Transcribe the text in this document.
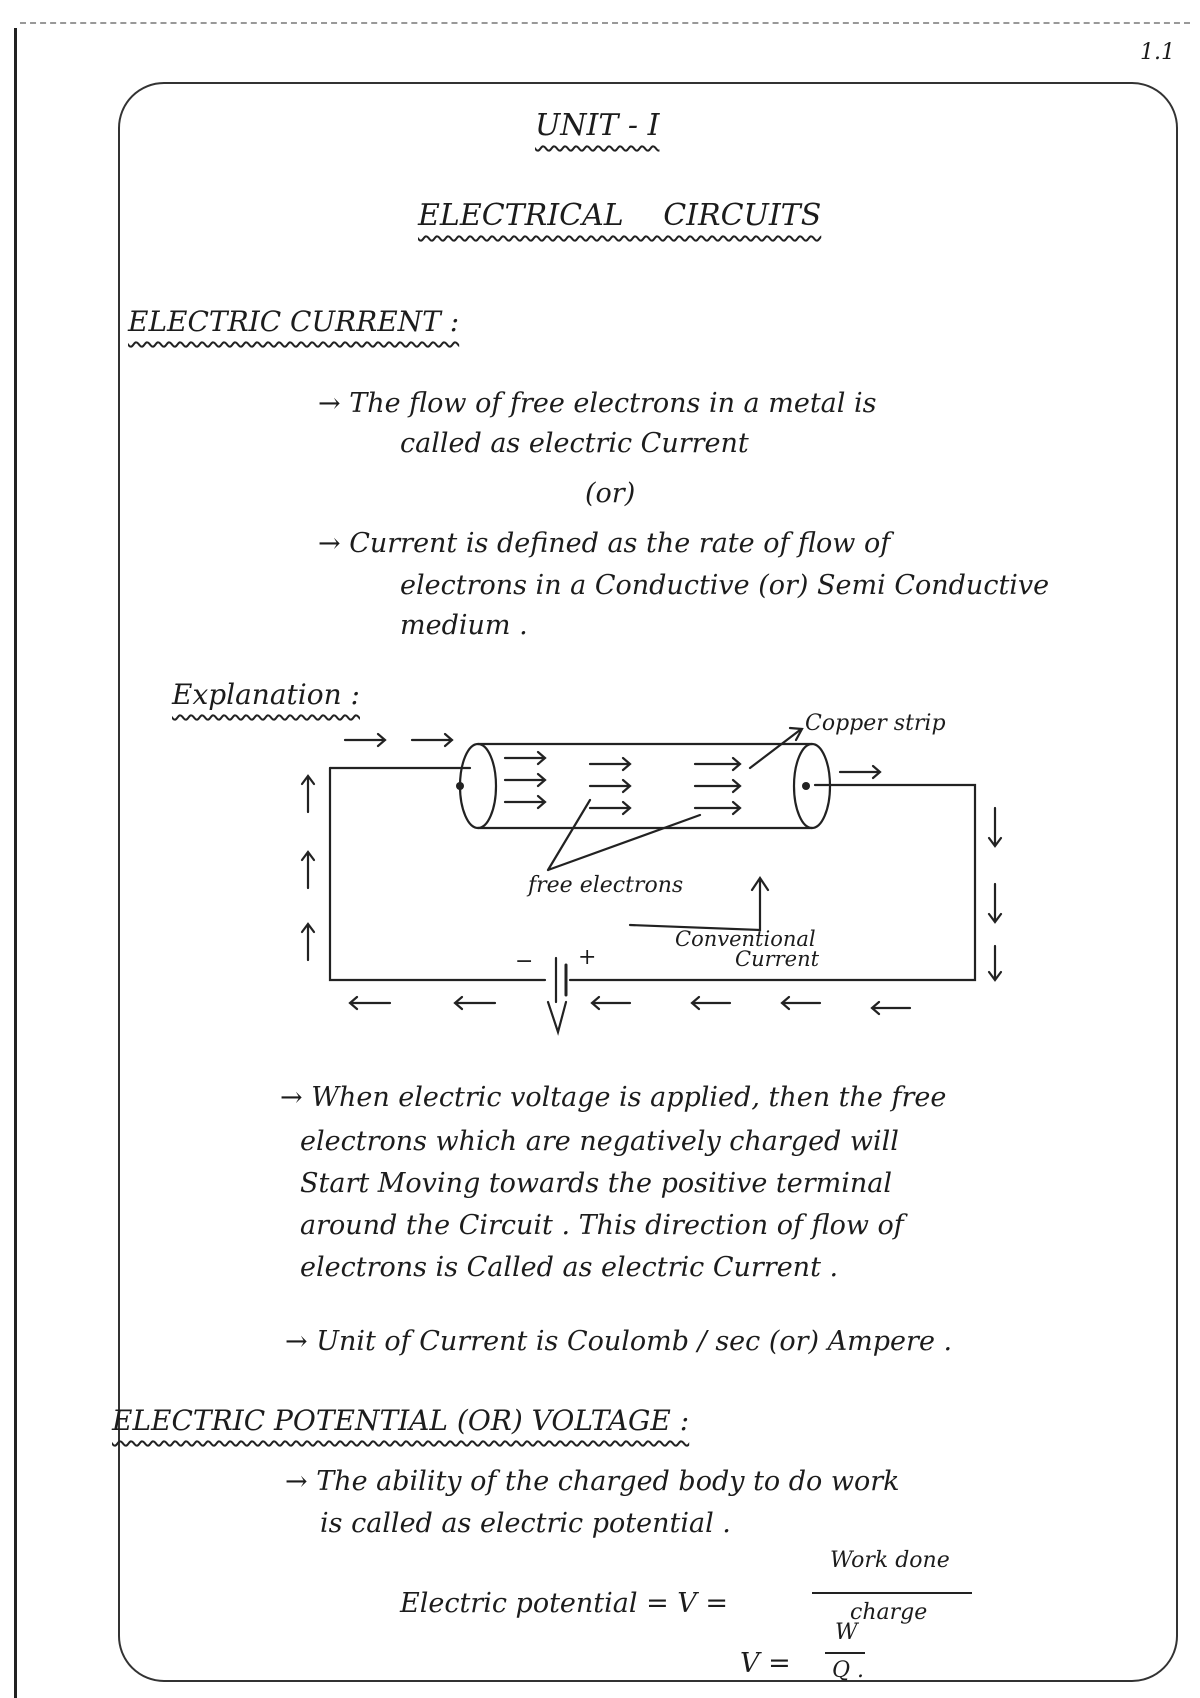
1.1
UNIT - I
ELECTRICAL CIRCUITS
ELECTRIC CURRENT :
→ The flow of free electrons in a metal is
called as electric Current
(or)
→ Current is defined as the rate of flow of
electrons in a Conductive (or) Semi Conductive
medium .
Explanation :
Copper strip
free electrons
Conventional
Current
− +
→ When electric voltage is applied, then the free
electrons which are negatively charged will
Start Moving towards the positive terminal
around the Circuit . This direction of flow of
electrons is Called as electric Current .
→ Unit of Current is Coulomb / sec (or) Ampere .
ELECTRIC POTENTIAL (OR) VOLTAGE :
→ The ability of the charged body to do work
is called as electric potential .
Electric potential = V =
Work done
charge
V =
W
Q .
